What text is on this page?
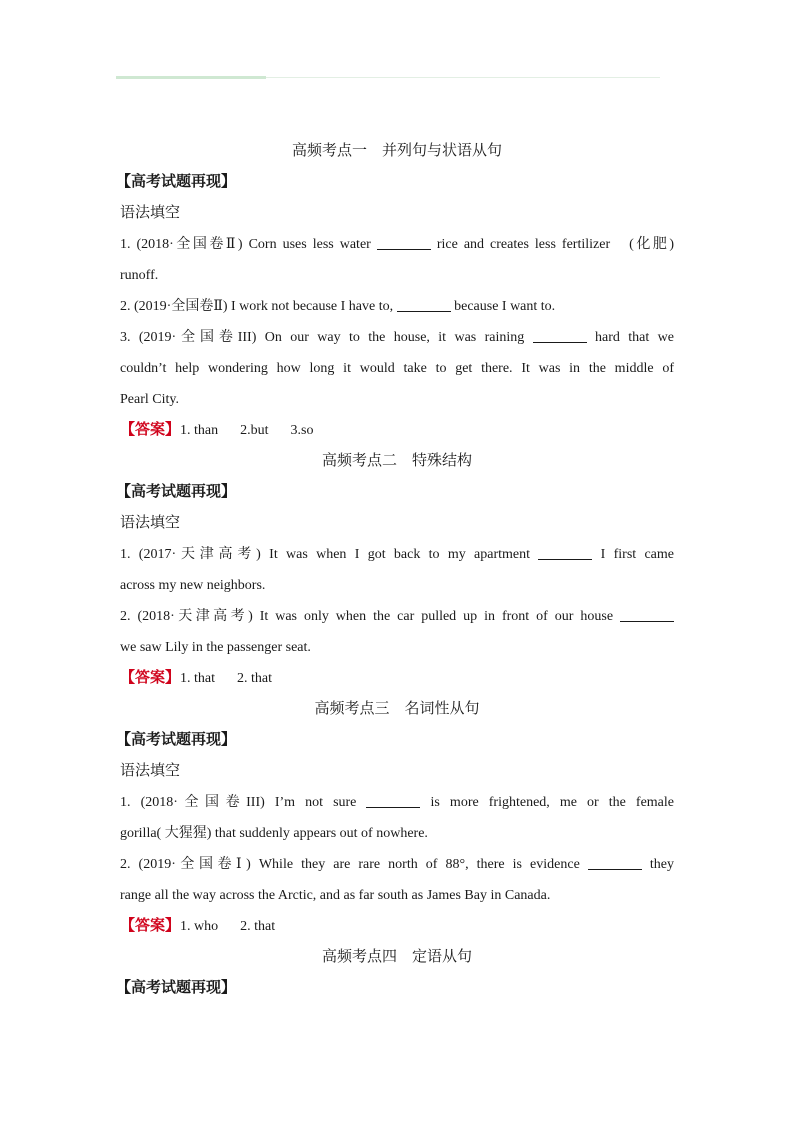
高频考点一　并列句与状语从句
【高考试题再现】
语法填空
1. (2018·全国卷Ⅱ) Corn uses less water	rice and creates less fertilizer　(化肥)
runoff.
2. (2019·全国卷Ⅱ) I work not because I have to,	because I want to.
3. (2019·全国卷III) On our way to the house, it was raining	hard that we
couldn’t help wondering how long it would take to get there. It was in the middle of
Pearl City.
【答案】1. than 2.but 3.so
高频考点二　特殊结构
【高考试题再现】
语法填空
1. (2017·天津高考) It was when I got back to my apartment	I first came
across my new neighbors.
2. (2018·天津高考) It was only when the car pulled up in front of our house
we saw Lily in the passenger seat.
【答案】1. that 2. that
高频考点三　名词性从句
【高考试题再现】
语法填空
1. (2018·全国卷III) I’m not sure	is more frightened, me or the female
gorilla( 大猩猩) that suddenly appears out of nowhere.
2. (2019·全国卷Ⅰ) While they are rare north of 88°, there is evidence	they
range all the way across the Arctic, and as far south as James Bay in Canada.
【答案】1. who 2. that
高频考点四　定语从句
【高考试题再现】
